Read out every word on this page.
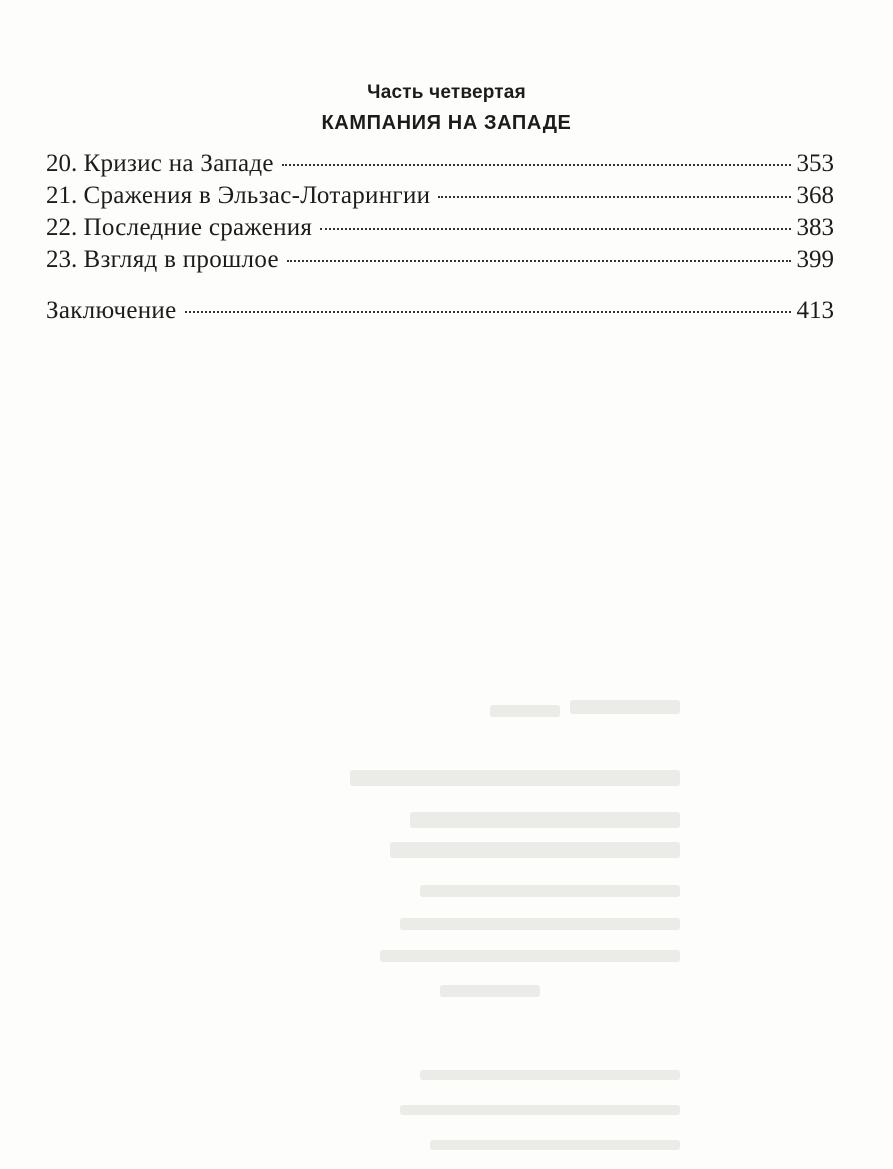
Часть четвертая
КАМПАНИЯ НА ЗАПАДЕ
20. Кризис на Западе	353
21. Сражения в Эльзас-Лотарингии	368
22. Последние сражения	383
23. Взгляд в прошлое	399
Заключение	413
